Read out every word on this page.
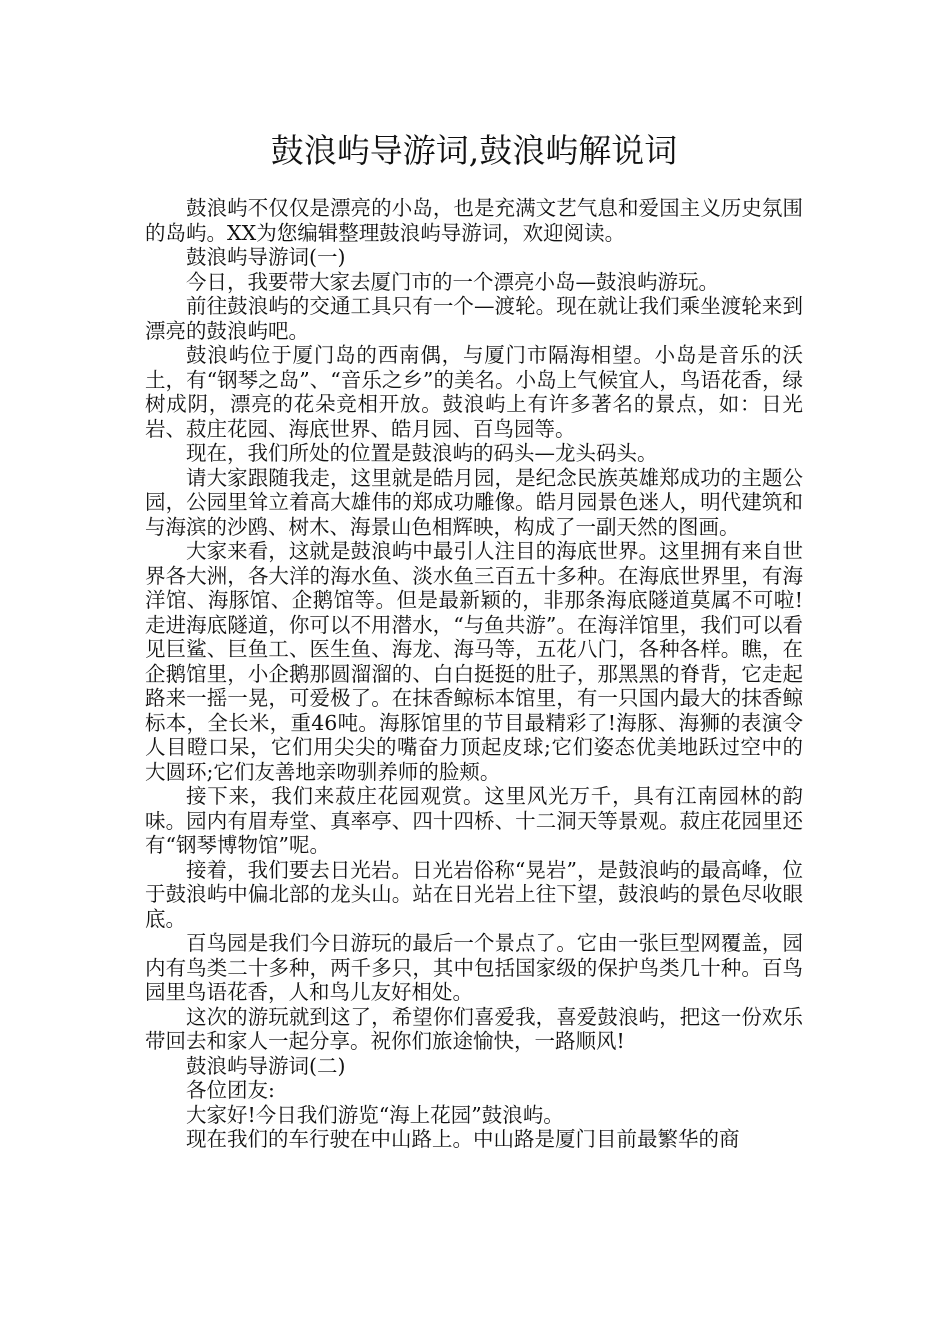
鼓浪屿导游词,鼓浪屿解说词

鼓浪屿不仅仅是漂亮的小岛，也是充满文艺气息和爱国主义历史氛围的岛屿。XX为您编辑整理鼓浪屿导游词，欢迎阅读。

鼓浪屿导游词(一)

今日，我要带大家去厦门市的一个漂亮小岛—鼓浪屿游玩。

前往鼓浪屿的交通工具只有一个—渡轮。现在就让我们乘坐渡轮来到漂亮的鼓浪屿吧。

鼓浪屿位于厦门岛的西南偶，与厦门市隔海相望。小岛是音乐的沃土，有“钢琴之岛”、“音乐之乡”的美名。小岛上气候宜人，鸟语花香，绿树成阴，漂亮的花朵竞相开放。鼓浪屿上有许多著名的景点，如：日光岩、菽庄花园、海底世界、皓月园、百鸟园等。

现在，我们所处的位置是鼓浪屿的码头—龙头码头。

请大家跟随我走，这里就是皓月园，是纪念民族英雄郑成功的主题公园，公园里耸立着高大雄伟的郑成功雕像。皓月园景色迷人，明代建筑和与海滨的沙鸥、树木、海景山色相辉映，构成了一副天然的图画。

大家来看，这就是鼓浪屿中最引人注目的海底世界。这里拥有来自世界各大洲，各大洋的海水鱼、淡水鱼三百五十多种。在海底世界里，有海洋馆、海豚馆、企鹅馆等。但是最新颖的，非那条海底隧道莫属不可啦!走进海底隧道，你可以不用潜水，“与鱼共游”。在海洋馆里，我们可以看见巨鲨、巨鱼工、医生鱼、海龙、海马等，五花八门，各种各样。瞧，在企鹅馆里，小企鹅那圆溜溜的、白白挺挺的肚子，那黑黑的脊背，它走起路来一摇一晃，可爱极了。在抹香鲸标本馆里，有一只国内最大的抹香鲸标本，全长米，重46吨。海豚馆里的节目最精彩了!海豚、海狮的表演令人目瞪口呆，它们用尖尖的嘴奋力顶起皮球;它们姿态优美地跃过空中的大圆环;它们友善地亲吻驯养师的脸颊。

接下来，我们来菽庄花园观赏。这里风光万千，具有江南园林的韵味。园内有眉寿堂、真率亭、四十四桥、十二洞天等景观。菽庄花园里还有“钢琴博物馆”呢。

接着，我们要去日光岩。日光岩俗称“晃岩”，是鼓浪屿的最高峰，位于鼓浪屿中偏北部的龙头山。站在日光岩上往下望，鼓浪屿的景色尽收眼底。

百鸟园是我们今日游玩的最后一个景点了。它由一张巨型网覆盖，园内有鸟类二十多种，两千多只，其中包括国家级的保护鸟类几十种。百鸟园里鸟语花香，人和鸟儿友好相处。

这次的游玩就到这了，希望你们喜爱我，喜爱鼓浪屿，把这一份欢乐带回去和家人一起分享。祝你们旅途愉快，一路顺风!

鼓浪屿导游词(二)

各位团友:

大家好!今日我们游览“海上花园”鼓浪屿。

现在我们的车行驶在中山路上。中山路是厦门目前最繁华的商
